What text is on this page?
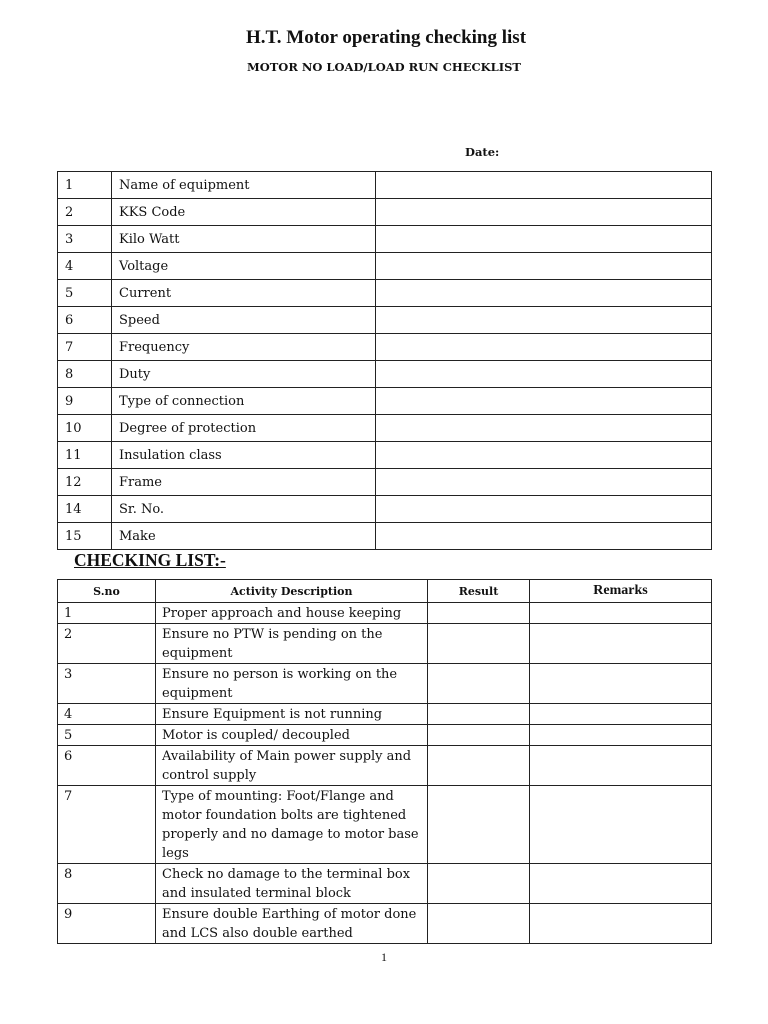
H.T. Motor operating checking list
MOTOR NO LOAD/LOAD RUN CHECKLIST
Date:
1	Name of equipment	
2	KKS Code	
3	Kilo Watt	
4	Voltage	
5	Current	
6	Speed	
7	Frequency	
8	Duty	
9	Type of connection	
10	Degree of protection	
11	Insulation class	
12	Frame	
14	Sr. No.	
15	Make	
CHECKING LIST:-
S.no	Activity Description	Result	Remarks
1	Proper approach and house keeping		
2	Ensure no PTW is pending on the equipment		
3	Ensure no person is working on the equipment		
4	Ensure Equipment is not running		
5	Motor is coupled/ decoupled		
6	Availability of Main power supply and control supply		
7	Type of mounting: Foot/Flange and motor foundation bolts are tightened properly and no damage to motor base legs		
8	Check no damage to the terminal box and insulated terminal block		
9	Ensure double Earthing of motor done and LCS also double earthed		
1
